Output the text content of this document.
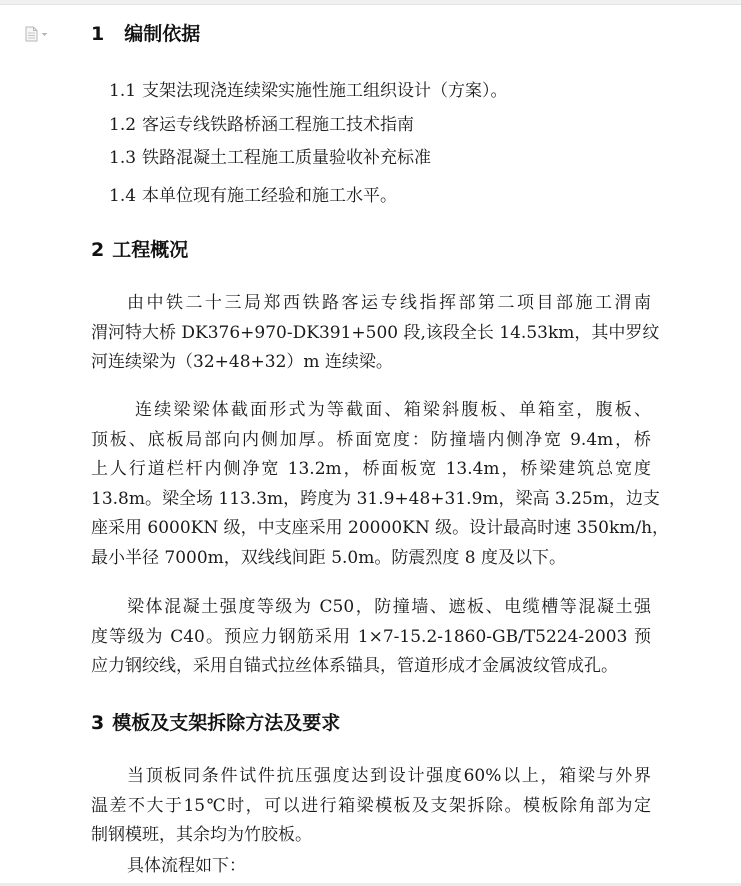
1 编制依据
1.1 支架法现浇连续梁实施性施工组织设计（方案）。
1.2 客运专线铁路桥涵工程施工技术指南
1.3 铁路混凝土工程施工质量验收补充标准
1.4 本单位现有施工经验和施工水平。
2 工程概况
由中铁二十三局郑西铁路客运专线指挥部第二项目部施工渭南
渭河特大桥 DK376+970-DK391+500 段,该段全长 14.53km，其中罗纹
河连续梁为（32+48+32）m 连续梁。
连续梁梁体截面形式为等截面、箱梁斜腹板、单箱室，腹板、
顶板、底板局部向内侧加厚。桥面宽度：防撞墙内侧净宽 9.4m，桥
上人行道栏杆内侧净宽 13.2m，桥面板宽 13.4m，桥梁建筑总宽度
13.8m。梁全场 113.3m，跨度为 31.9+48+31.9m，梁高 3.25m，边支
座采用 6000KN 级，中支座采用 20000KN 级。设计最高时速 350km/h，
最小半径 7000m，双线线间距 5.0m。防震烈度 8 度及以下。
梁体混凝土强度等级为 C50，防撞墙、遮板、电缆槽等混凝土强
度等级为 C40。预应力钢筋采用 1×7-15.2-1860-GB/T5224-2003 预
应力钢绞线，采用自锚式拉丝体系锚具，管道形成才金属波纹管成孔。
3 模板及支架拆除方法及要求
当顶板同条件试件抗压强度达到设计强度60%以上，箱梁与外界
温差不大于15℃时，可以进行箱梁模板及支架拆除。模板除角部为定
制钢模班，其余均为竹胶板。
具体流程如下：
